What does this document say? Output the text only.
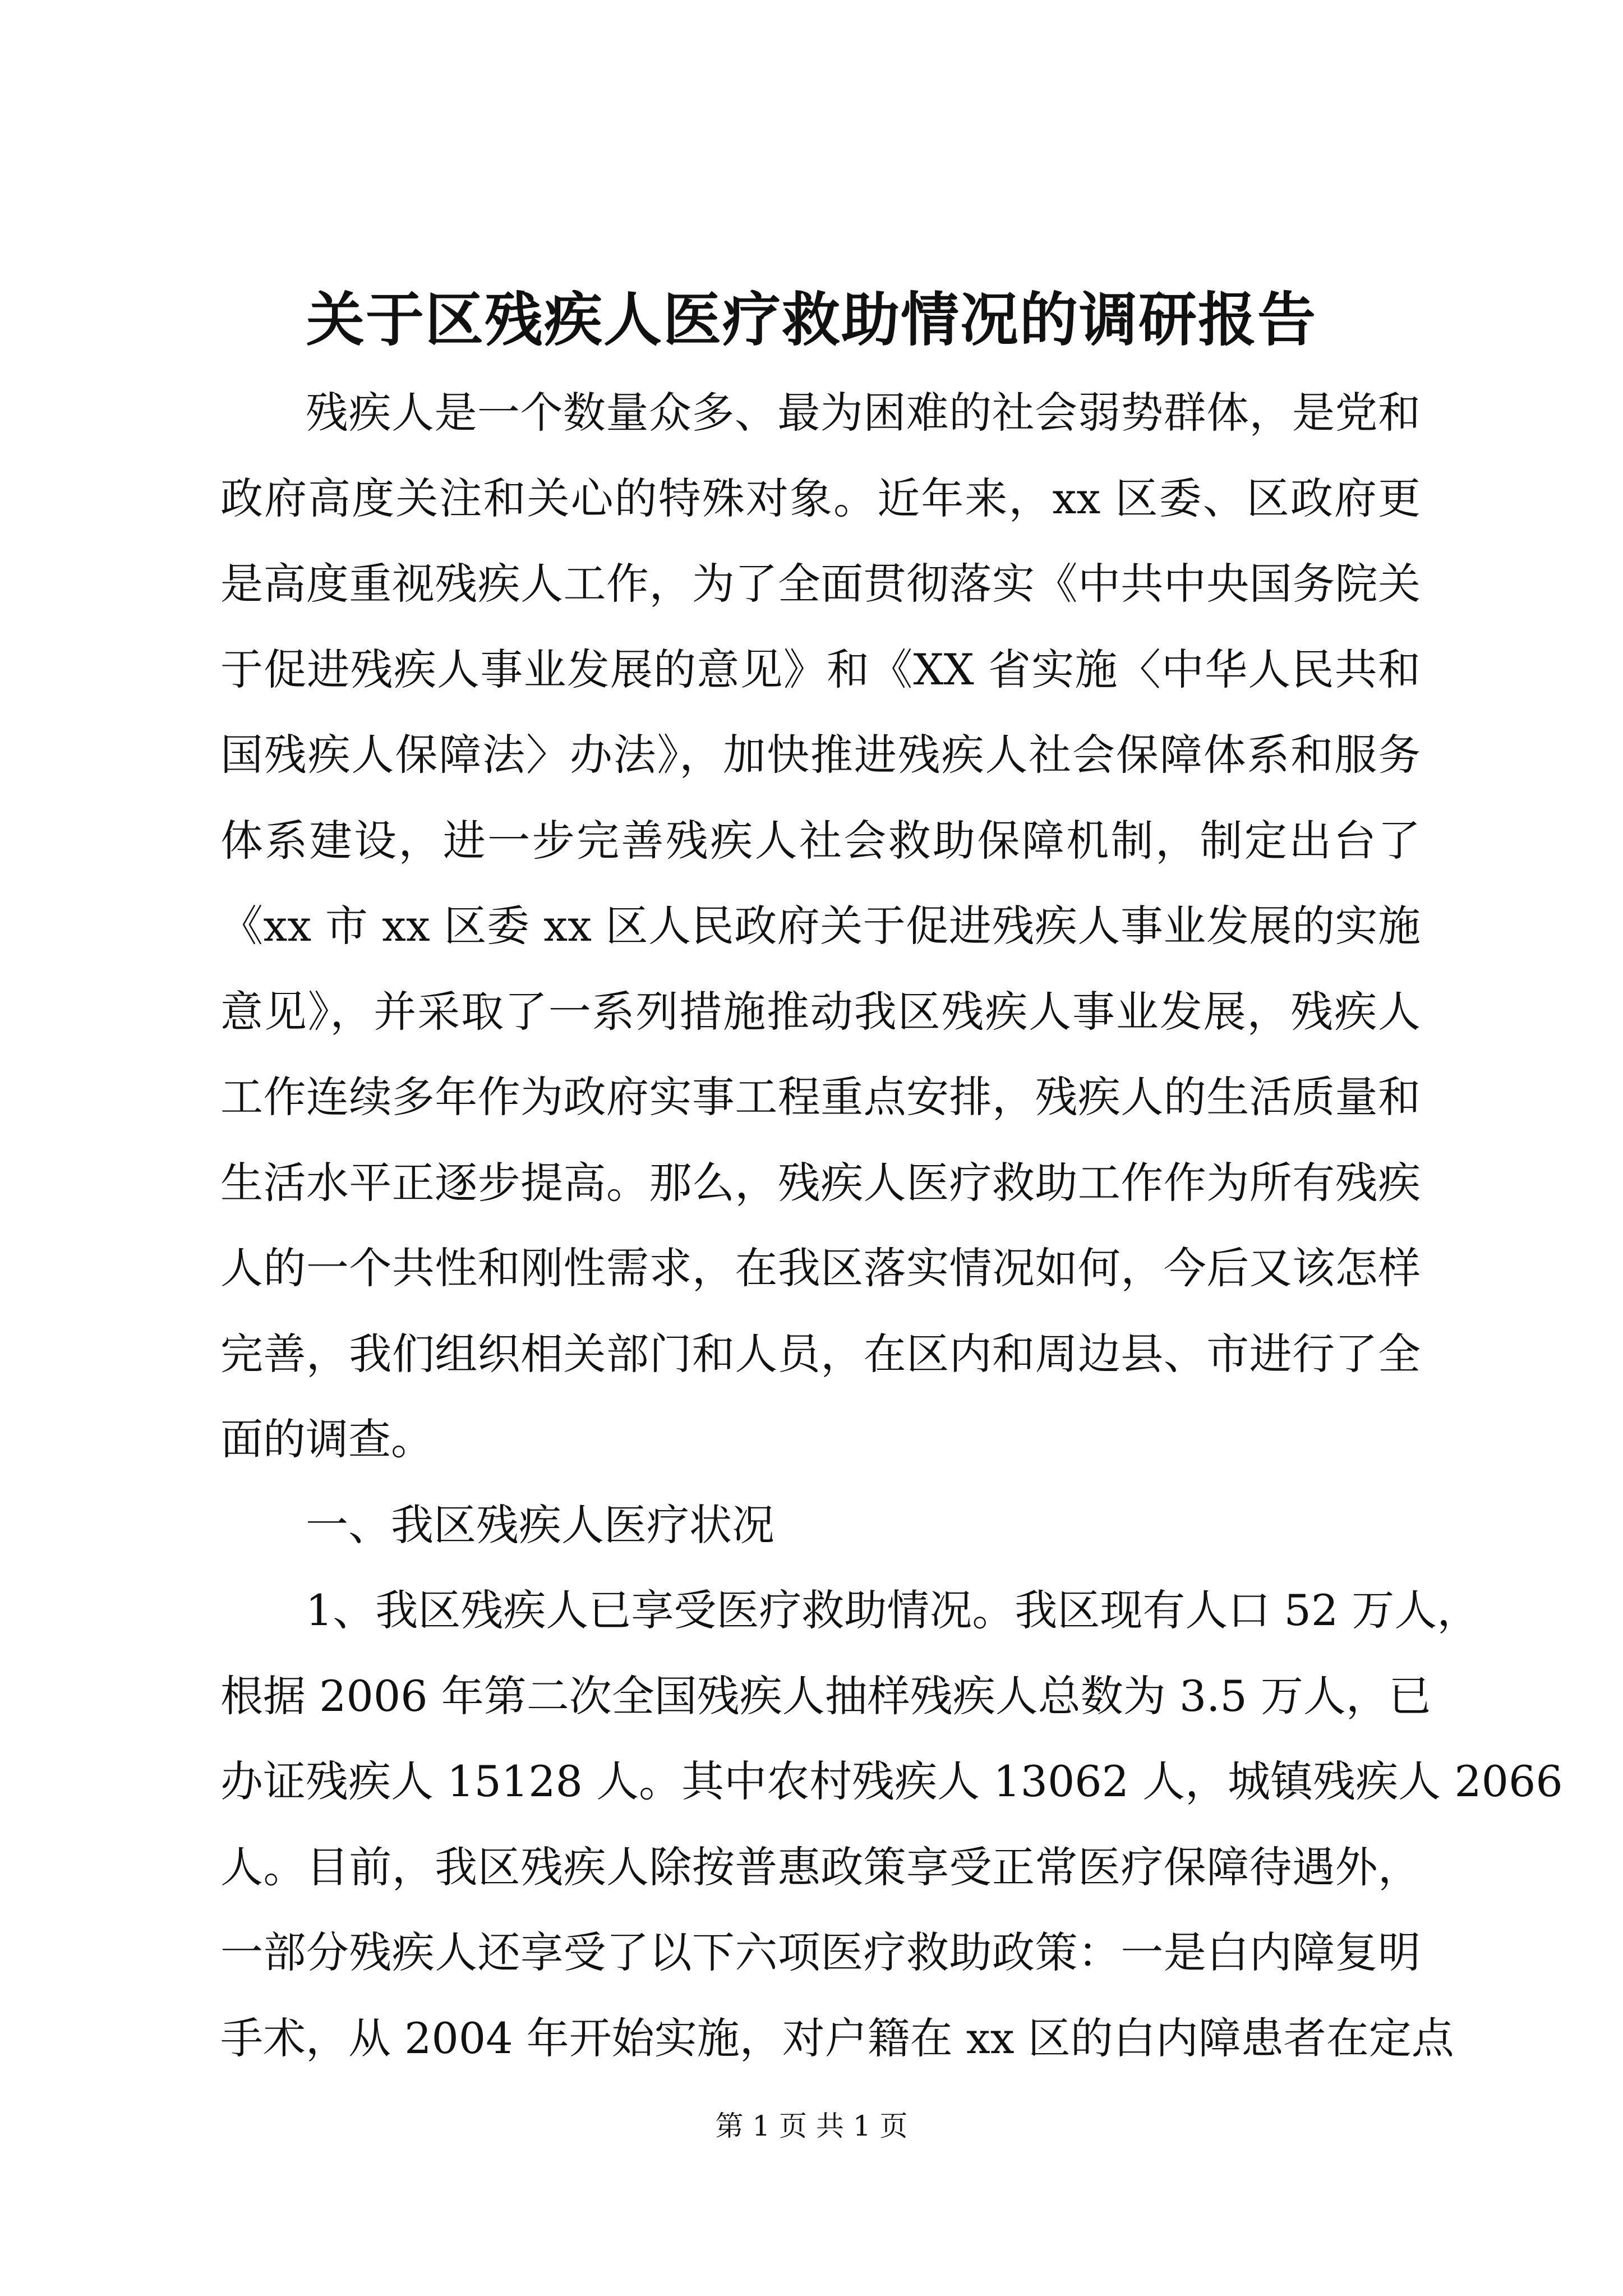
关于区残疾人医疗救助情况的调研报告
残疾人是一个数量众多、最为困难的社会弱势群体，是党和
政府高度关注和关心的特殊对象。近年来，xx 区委、区政府更
是高度重视残疾人工作，为了全面贯彻落实《中共中央国务院关
于促进残疾人事业发展的意见》和《XX 省实施〈中华人民共和
国残疾人保障法〉办法》，加快推进残疾人社会保障体系和服务
体系建设，进一步完善残疾人社会救助保障机制，制定出台了
《xx 市 xx 区委 xx 区人民政府关于促进残疾人事业发展的实施
意见》，并采取了一系列措施推动我区残疾人事业发展，残疾人
工作连续多年作为政府实事工程重点安排，残疾人的生活质量和
生活水平正逐步提高。那么，残疾人医疗救助工作作为所有残疾
人的一个共性和刚性需求，在我区落实情况如何，今后又该怎样
完善，我们组织相关部门和人员，在区内和周边县、市进行了全
面的调查。
一、我区残疾人医疗状况
1、我区残疾人已享受医疗救助情况。我区现有人口 52 万人，
根据 2006 年第二次全国残疾人抽样残疾人总数为 3.5 万人，已
办证残疾人 15128 人。其中农村残疾人 13062 人，城镇残疾人 2066
人。目前，我区残疾人除按普惠政策享受正常医疗保障待遇外，
一部分残疾人还享受了以下六项医疗救助政策：一是白内障复明
手术，从 2004 年开始实施，对户籍在 xx 区的白内障患者在定点
第 1 页 共 1 页
